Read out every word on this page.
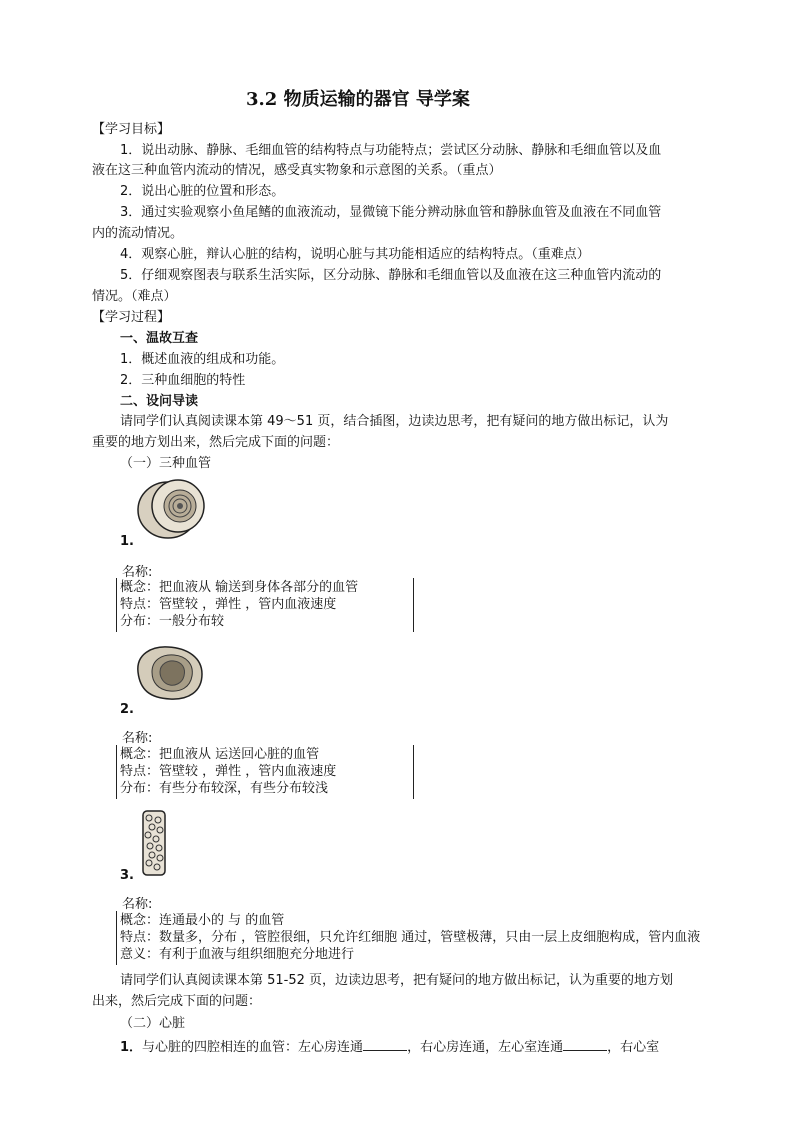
3.2 物质运输的器官 导学案
【学习目标】
1．说出动脉、静脉、毛细血管的结构特点与功能特点；尝试区分动脉、静脉和毛细血管以及血
液在这三种血管内流动的情况，感受真实物象和示意图的关系。（重点）
2．说出心脏的位置和形态。
3．通过实验观察小鱼尾鳍的血液流动，显微镜下能分辨动脉血管和静脉血管及血液在不同血管
内的流动情况。
4．观察心脏，辩认心脏的结构，说明心脏与其功能相适应的结构特点。（重难点）
5．仔细观察图表与联系生活实际，区分动脉、静脉和毛细血管以及血液在这三种血管内流动的
情况。（难点）
【学习过程】
一、温故互查
1．概述血液的组成和功能。
2．三种血细胞的特性
二、设问导读
请同学们认真阅读课本第 49～51 页，结合插图，边读边思考，把有疑问的地方做出标记，认为
重要的地方划出来，然后完成下面的问题：
（一）三种血管
1.
名称:
概念：把血液从 输送到身体各部分的血管
特点：管壁较 ，弹性 ，管内血液速度
分布：一般分布较
2.
名称:
概念：把血液从 运送回心脏的血管
特点：管壁较 ，弹性 ，管内血液速度
分布：有些分布较深，有些分布较浅
3.
名称:
概念：连通最小的 与 的血管
特点：数量多，分布 ，管腔很细，只允许红细胞 通过，管壁极薄，只由一层上皮细胞构成，管内血液
意义：有利于血液与组织细胞充分地进行
请同学们认真阅读课本第 51-52 页，边读边思考，把有疑问的地方做出标记，认为重要的地方划
出来，然后完成下面的问题：
（二）心脏
1．与心脏的四腔相连的血管：左心房连通	，右心房连通，左心室连通	，右心室
